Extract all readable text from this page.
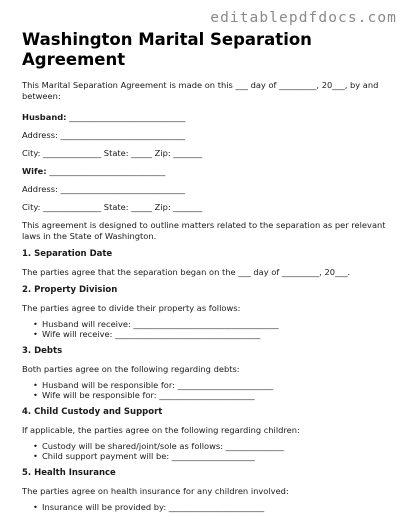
editablepdfdocs.com
Washington Marital Separation Agreement
This Marital Separation Agreement is made on this ___ day of _________, 20___, by and between:
Husband: ____________________________
Address: ______________________________
City: ______________ State: _____ Zip: _______
Wife: ____________________________
Address: ______________________________
City: ______________ State: _____ Zip: _______
This agreement is designed to outline matters related to the separation as per relevant laws in the State of Washington.
1. Separation Date
The parties agree that the separation began on the ___ day of _________, 20___.
2. Property Division
The parties agree to divide their property as follows:
• Husband will receive: ___________________________________
• Wife will receive: ___________________________________
3. Debts
Both parties agree on the following regarding debts:
• Husband will be responsible for: _______________________
• Wife will be responsible for: _______________________
4. Child Custody and Support
If applicable, the parties agree on the following regarding children:
• Custody will be shared/joint/sole as follows: ______________
• Child support payment will be: ____________________
5. Health Insurance
The parties agree on health insurance for any children involved:
• Insurance will be provided by: _______________________
